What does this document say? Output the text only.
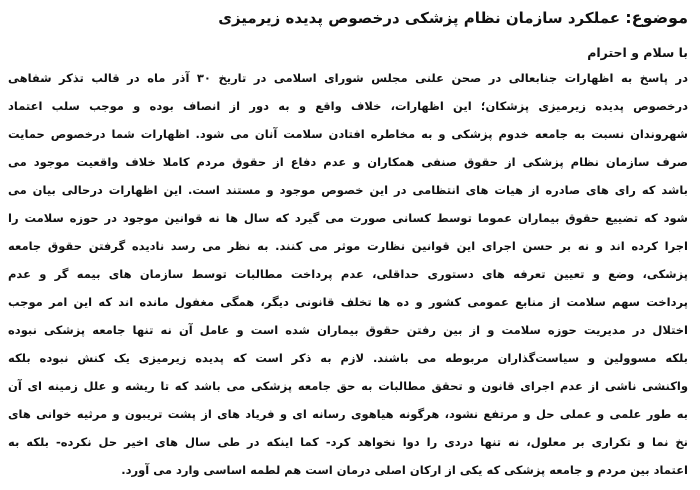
موضوع: عملکرد سازمان نظام پزشکی درخصوص پدیده زیرمیزی
با سلام و احترام
در پاسخ به اظهارات جنابعالی در صحن علنی مجلس شورای اسلامی در تاریخ ۳۰ آذر ماه در قالب تذکر شفاهی
درخصوص پدیده زیرمیزی پزشکان؛ این اظهارات، خلاف واقع و به دور از انصاف بوده و موجب سلب اعتماد
شهروندان نسبت به جامعه خدوم پزشکی و به مخاطره افتادن سلامت آنان می شود. اظهارات شما درخصوص حمایت
صرف سازمان نظام پزشکی از حقوق صنفی همکاران و عدم دفاع از حقوق مردم کاملا خلاف واقعیت موجود می
باشد که رای های صادره از هیات های انتظامی در این خصوص موجود و مستند است. این اظهارات درحالی بیان می
شود که تضییع حقوق بیماران عموما توسط کسانی صورت می گیرد که سال ها نه قوانین موجود در حوزه سلامت را
اجرا کرده اند و نه بر حسن اجرای این قوانین نظارت موثر می کنند. به نظر می رسد نادیده گرفتن حقوق جامعه
پزشکی، وضع و تعیین تعرفه های دستوری حداقلی، عدم پرداخت مطالبات توسط سازمان های بیمه گر و عدم
پرداخت سهم سلامت از منابع عمومی کشور و ده ها تخلف قانونی دیگر، همگی مغفول مانده اند که این امر موجب
اختلال در مدیریت حوزه سلامت و از بین رفتن حقوق بیماران شده است و عامل آن نه تنها جامعه پزشکی نبوده
بلکه مسوولین و سیاست‌گذاران مربوطه می باشند. لازم به ذکر است که پدیده زیرمیزی یک کنش نبوده بلکه
واکنشی ناشی از عدم اجرای قانون و تحقق مطالبات به حق جامعه پزشکی می باشد که تا ریشه و علل زمینه ای آن
به طور علمی و عملی حل و مرتفع نشود، هرگونه هیاهوی رسانه ای و فریاد های از پشت تریبون و مرثیه خوانی های
نخ نما و تکراری بر معلول، نه تنها دردی را دوا نخواهد کرد- کما اینکه در طی سال های اخیر حل نکرده- بلکه به
اعتماد بین مردم و جامعه پزشکی که یکی از ارکان اصلی درمان است هم لطمه اساسی وارد می آورد.
